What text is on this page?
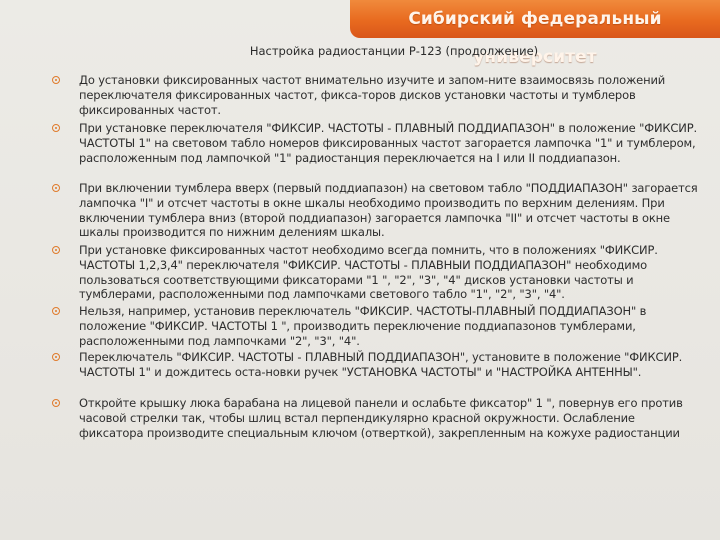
Сибирский федеральный университет
Настройка радиостанции Р-123 (продолжение)
До установки фиксированных частот внимательно изучите и запом-ните взаимосвязь положений переключателя фиксированных частот, фикса-торов дисков установки частоты и тумблеров фиксированных частот.
При установке переключателя "ФИКСИР. ЧАСТОТЫ - ПЛАВНЫЙ ПОДДИАПАЗОН" в положение "ФИКСИР. ЧАСТОТЫ 1" на световом табло номеров фиксированных частот загорается лампочка "1" и тумблером, расположенным под лампочкой "1" радиостанция переключается на I или II поддиапазон.
При включении тумблера вверх (первый поддиапазон) на световом табло "ПОДДИАПАЗОН" загорается лампочка "I" и отсчет частоты в окне шкалы необходимо производить по верхним делениям. При включении тумблера вниз (второй поддиапазон) загорается лампочка "II" и отсчет частоты в окне шкалы производится по нижним делениям шкалы.
При установке фиксированных частот необходимо всегда помнить, что в положениях "ФИКСИР. ЧАСТОТЫ 1,2,3,4" переключателя "ФИКСИР. ЧАСТОТЫ - ПЛАВНЫИ ПОДДИАПАЗОН" необходимо пользоваться соответствующими фиксаторами "1 ", "2", "3", "4" дисков установки частоты и тумблерами, расположенными под лампочками светового табло "1", "2", "3", "4".
Нельзя, например, установив переключатель "ФИКСИР. ЧАСТОТЫ-ПЛАВНЫЙ ПОДДИАПАЗОН" в положение "ФИКСИР. ЧАСТОТЫ 1 ", производить переключение поддиапазонов тумблерами, расположенными под лампочками "2", "3", "4".
Переключатель "ФИКСИР. ЧАСТОТЫ - ПЛАВНЫЙ ПОДДИАПАЗОН", установите в положение "ФИКСИР. ЧАСТОТЫ 1" и дождитесь оста-новки ручек "УСТАНОВКА ЧАСТОТЫ" и "НАСТРОЙКА АНТЕННЫ".
Откройте крышку люка барабана на лицевой панели и ослабьте фиксатор" 1 ", повернув его против часовой стрелки так, чтобы шлиц встал перпендикулярно красной окружности. Ослабление фиксатора производите специальным ключом (отверткой), закрепленным на кожухе радиостанции
